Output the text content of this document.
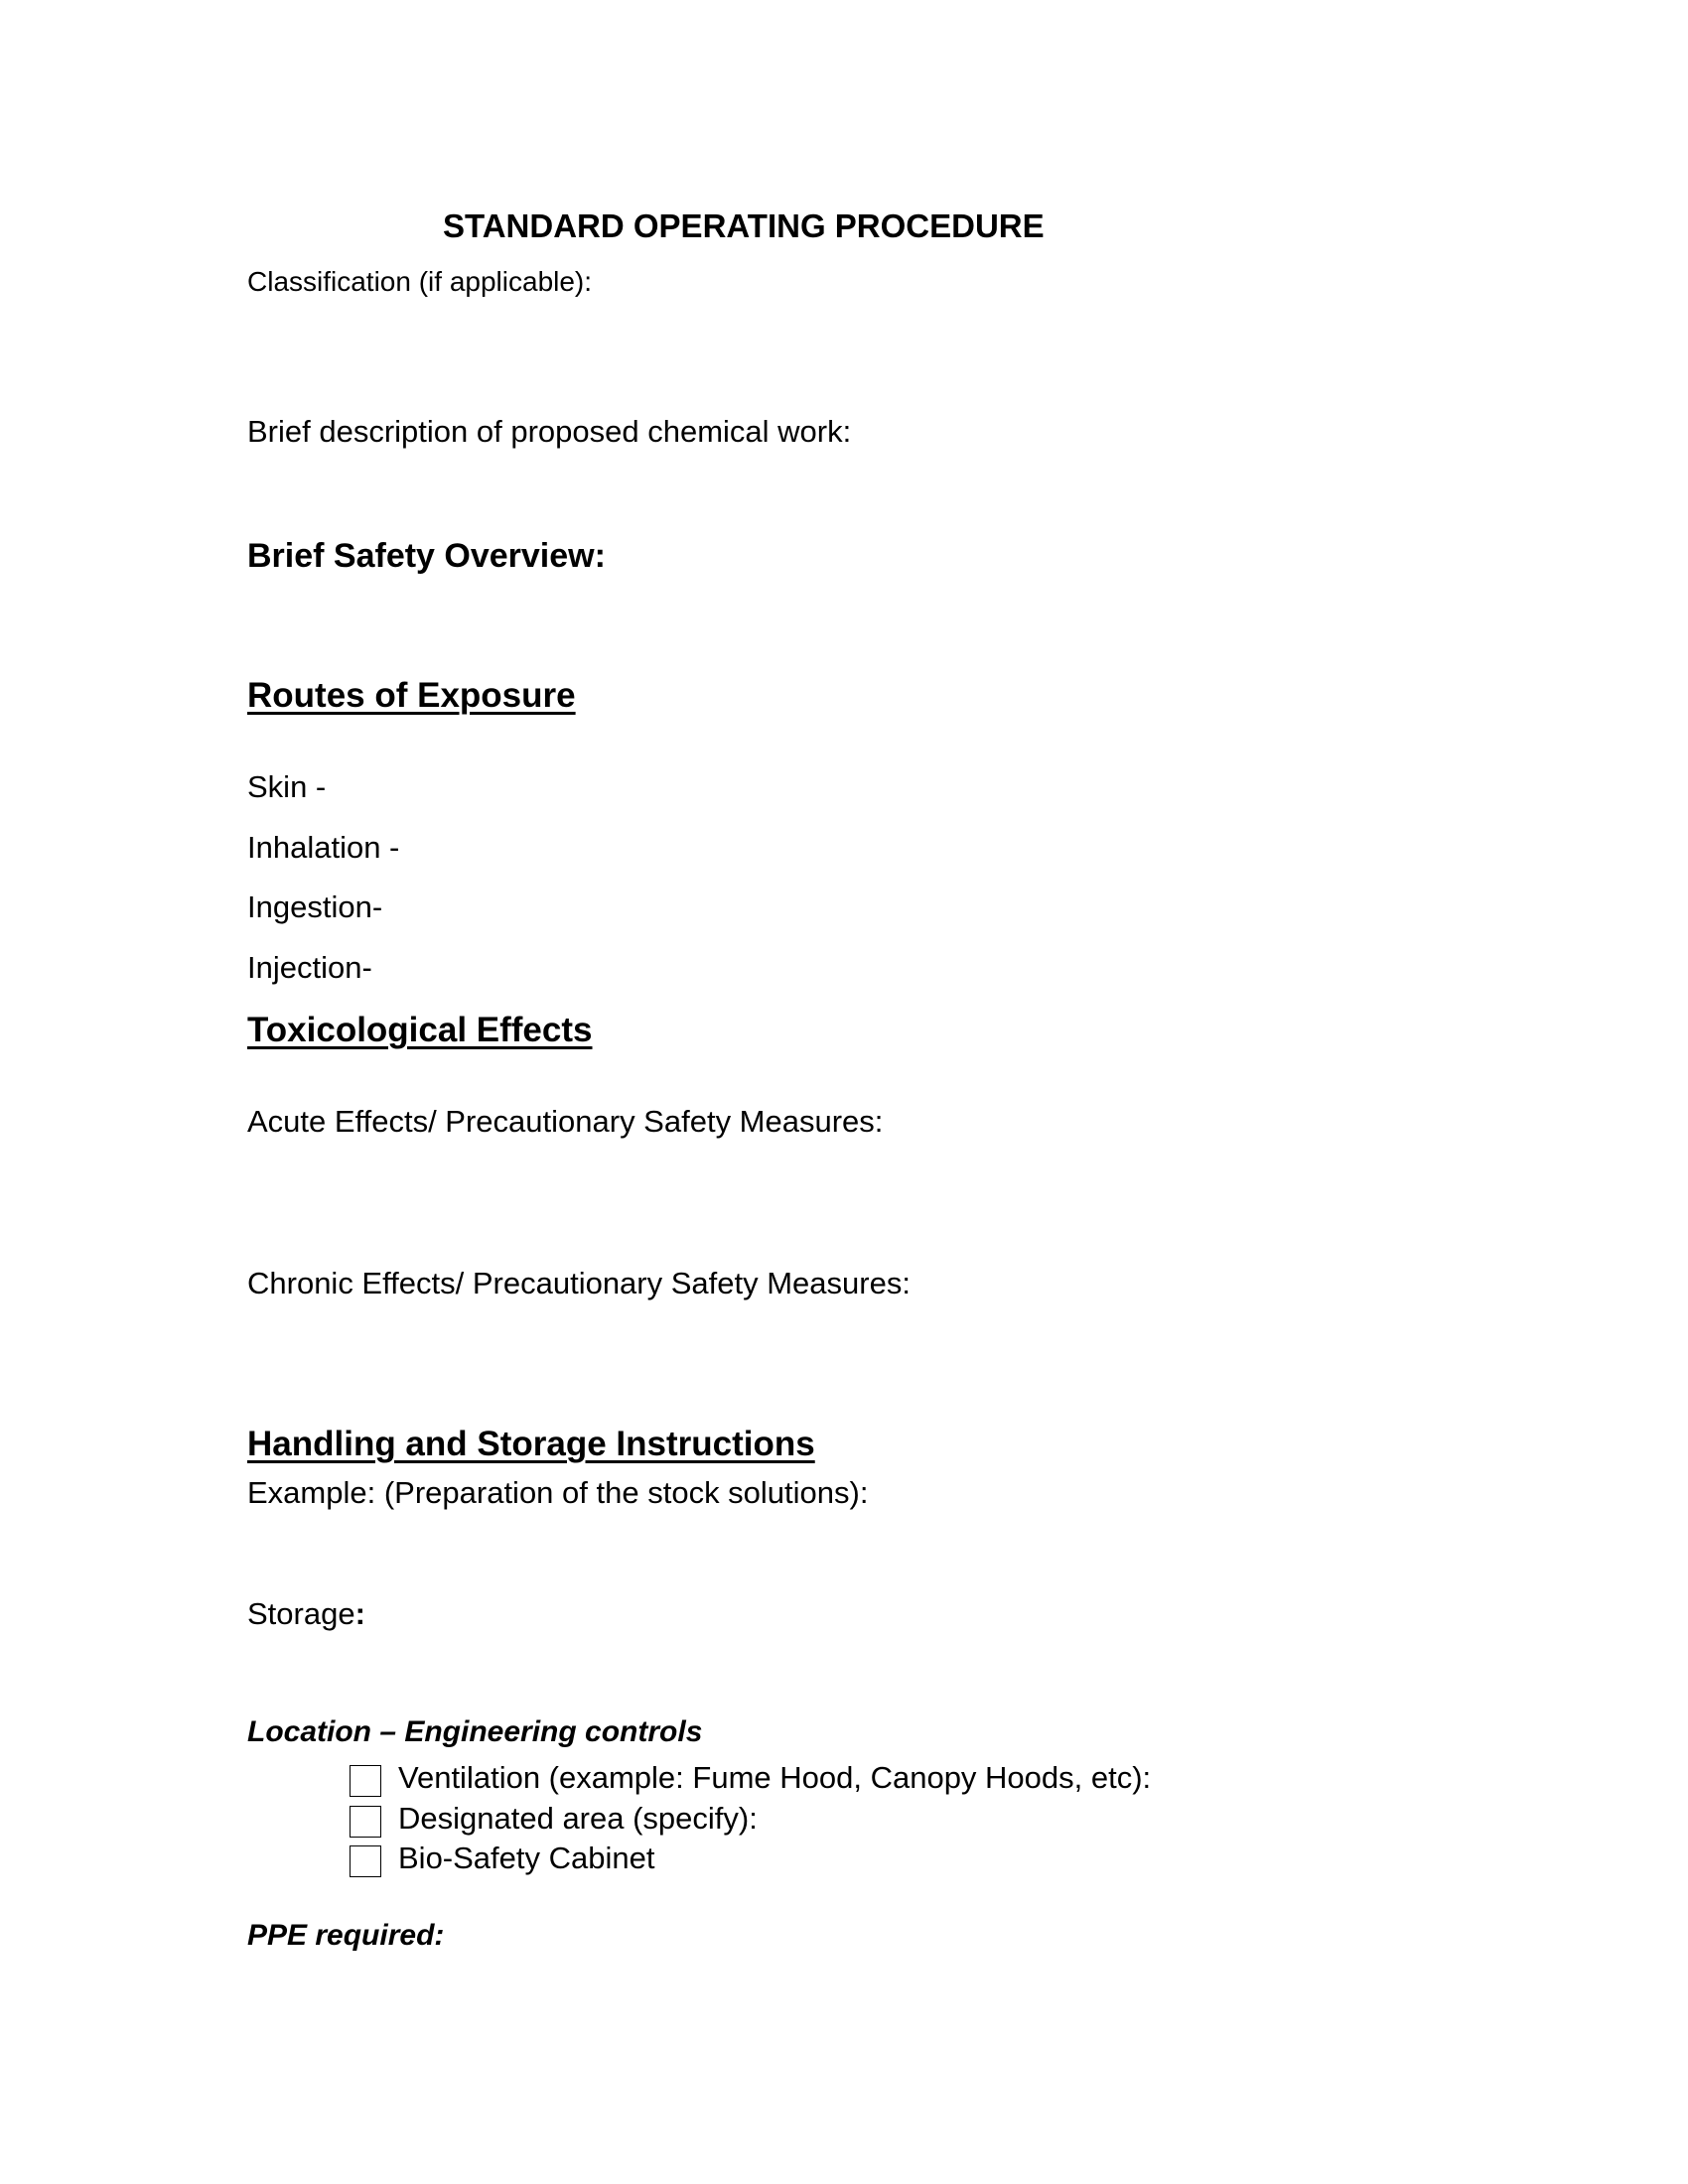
STANDARD OPERATING PROCEDURE
Classification (if applicable):
Brief description of proposed chemical work:
Brief Safety Overview:
Routes of Exposure
Skin -
Inhalation -
Ingestion-
Injection-
Toxicological Effects
Acute Effects/ Precautionary Safety Measures:
Chronic Effects/ Precautionary Safety Measures:
Handling and Storage Instructions
Example: (Preparation of the stock solutions):
Storage:
Location – Engineering controls
Ventilation (example: Fume Hood, Canopy Hoods, etc):
Designated area (specify):
Bio-Safety Cabinet
PPE required:
